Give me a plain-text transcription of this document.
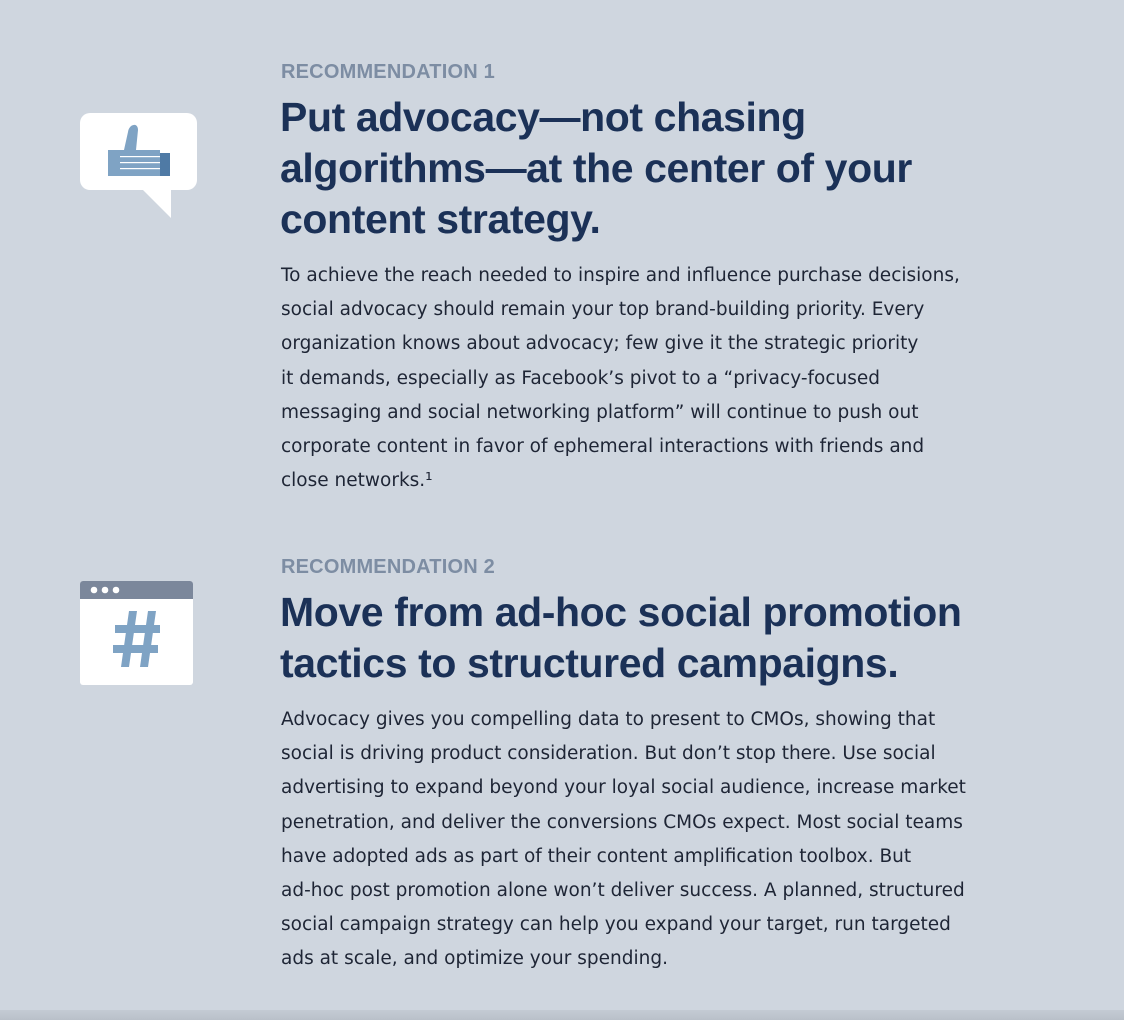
RECOMMENDATION 1
Put advocacy—not chasing
algorithms—at the center of your
content strategy.

To achieve the reach needed to inspire and influence purchase decisions,
social advocacy should remain your top brand-building priority. Every
organization knows about advocacy; few give it the strategic priority
it demands, especially as Facebook’s pivot to a “privacy-focused
messaging and social networking platform” will continue to push out
corporate content in favor of ephemeral interactions with friends and
close networks.¹

RECOMMENDATION 2
Move from ad-hoc social promotion
tactics to structured campaigns.

Advocacy gives you compelling data to present to CMOs, showing that
social is driving product consideration. But don’t stop there. Use social
advertising to expand beyond your loyal social audience, increase market
penetration, and deliver the conversions CMOs expect. Most social teams
have adopted ads as part of their content amplification toolbox. But
ad-hoc post promotion alone won’t deliver success. A planned, structured
social campaign strategy can help you expand your target, run targeted
ads at scale, and optimize your spending.
